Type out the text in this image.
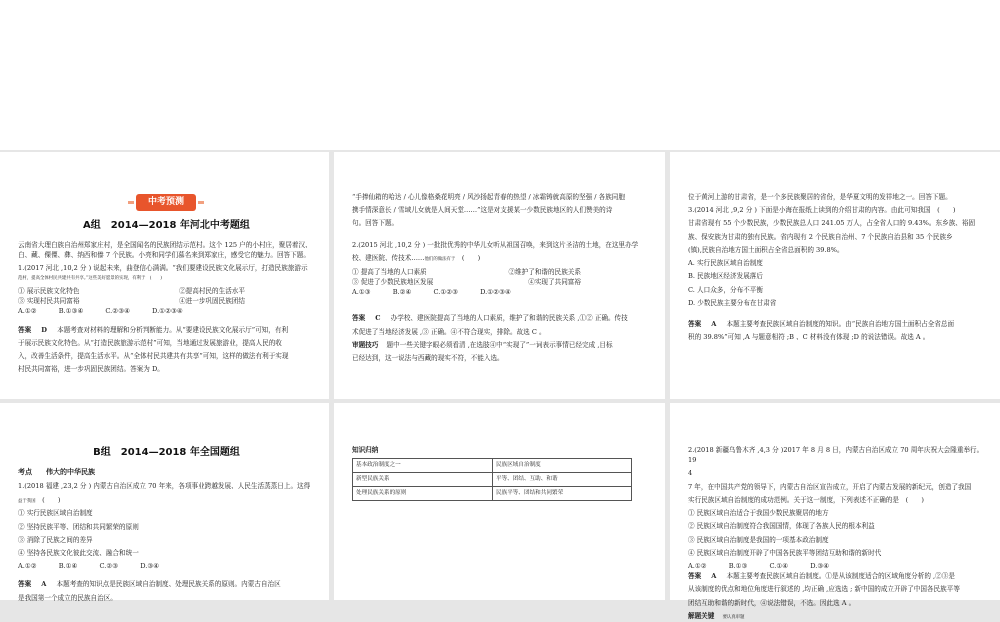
中考预测
A组　2014—2018 年河北中考题组

云南省大理白族自治州郑家庄村，是全国闻名的民族团结示范村。这个 125 户的小村庄，聚居着汉、白、藏、傈僳、彝、纳西和傣 7 个民族。小亮和同学们慕名来到郑家庄，感受它的魅力。回答下题。

1.(2017 河北 ,10,2 分 ) 说起未来，曲登信心满满。“我们要建设民族文化展示厅，打造民族旅游示

范村，提高全体村民共建共有共享。”这些美好愿景的实现，有利于　(　　)

① 展示民族文化特色	②提高村民的生活水平
③ 实现村民共同富裕	④进一步巩固民族团结
A.①②	B.①③④	C.②③④	D.①②③④

答案 D 本题考查对材料的理解和分析判断能力。从“要建设民族文化展示厅”可知，有利

于展示民族文化特色。从“打造民族旅游示范村”可知，当地通过发展旅游业，提高人民的收

入，改善生活条件，提高生活水平。从“全体村民共建共有共享”可知，这样的做法有利于实现

村民共同富裕，进一步巩固民族团结。答案为 D。

“手捧仙箱的哈达 / 心儿像格桑花明亮 / 风沙扬起青春的热望 / 冰霜铸就高原的坚强 / 各族同胞

携手情深意长 / 雪域儿女就是人间天堂……”这是对支援某一少数民族地区的人们赞美的诗

句。回答下题。

2.(2015 河北 ,10,2 分 ) 一批批优秀的中华儿女听从祖国召唤，来到这片圣洁的土地，在这里办学

校、建医院、传技术……他们的做法有于　 (　　)

① 提高了当地的人口素质	②维护了和谐的民族关系
③ 促进了少数民族地区发展	④实现了共同富裕
A.①③	B.②④	C.①②③	D.①②③④

答案 C 办学校、建医院提高了当地的人口素质，维护了和谐的民族关系 ,①② 正确。传技

术促进了当地经济发展 ,③ 正确。④不符合现实，排除。故选 C 。

审题技巧 题中一些关键字眼必须看清 ,在选肢④中“实现了”一词表示事情已经完成 ,目标

已经达到，这一说法与西藏的现实不符，不能入选。

位于黄河上游的甘肃省，是一个多民族聚居的省份，是华夏文明的发祥地之一。回答下题。

3.(2014 河北 ,9,2 分 ) 下面是小海在报纸上读到的介绍甘肃的内容。由此可知我国　(　　)

甘肃省现有 55 个少数民族，少数民族总人口 241.05 万人，占全省人口的 9.43%。东乡族、裕固

族、保安族为甘肃的独有民族。省内现有 2 个民族自治州、7 个民族自治县和 35 个民族乡

(镇),民族自治地方国土面积占全省总面积的 39.8%。

A. 实行民族区域自治制度

B. 民族地区经济发展落后

C. 人口众多，分布不平衡

D. 少数民族主要分布在甘肃省

答案 A 本题主要考查民族区域自治制度的知识。由“民族自治地方国土面积占全省总面

积的 39.8%”可知 ,A 与题意相符 ;B 、C 材料没有体现 ;D 的说法错误。故选 A 。

B组　2014—2018 年全国题组
考点 伟大的中华民族

1.(2018 福建 ,23,2 分 ) 内蒙古自治区成立 70 年来，各项事业跨越发展、人民生活蒸蒸日上。这得

益于我国　 (　　)

① 实行民族区域自治制度

② 坚持民族平等、团结和共同繁荣的原则

③ 消除了民族之间的差异

④ 坚持各民族文化彼此交流、融合和统一

A.①②	B.①④	C.②③	D.③④

答案 A 本题考查的知识点是民族区域自治制度、处理民族关系的原则。内蒙古自治区

是我国第一个成立的民族自治区。

知识归纳

基本政治制度之一	民族区域自治制度
新型民族关系	平等、团结、互助、和谐
处理民族关系的原则	民族平等、团结和共同繁荣

2.(2018 新疆乌鲁木齐 ,4,3 分 )2017 年 8 月 8 日，内蒙古自治区成立 70 周年庆祝大会隆重举行。19

4

7 年，在中国共产党的领导下，内蒙古自治区宣告成立，开启了内蒙古发展的新纪元，创造了我国

实行民族区域自治制度的成功范例。关于这一制度，下列表述不正确的是　(　　)

① 民族区域自治适合于我国少数民族聚居的地方

② 民族区域自治制度符合我国国情，体现了各族人民的根本利益

③ 民族区域自治制度是我国的一项基本政治制度

④ 民族区域自治制度开辟了中国各民族平等团结互助和谐的新时代

A.①②	B.①③	C.①④	D.③④

答案 A 本题主要考查民族区域自治制度。①是从该制度适合的区域角度分析的 ,②③是

从该制度的优点和地位角度进行叙述的 ,均正确 ,应选选 ; 新中国的成立开辟了中国各民族平等

团结互助和谐的新时代，④说法错误，不选。因此选 A 。

解题关键 要认真审题
